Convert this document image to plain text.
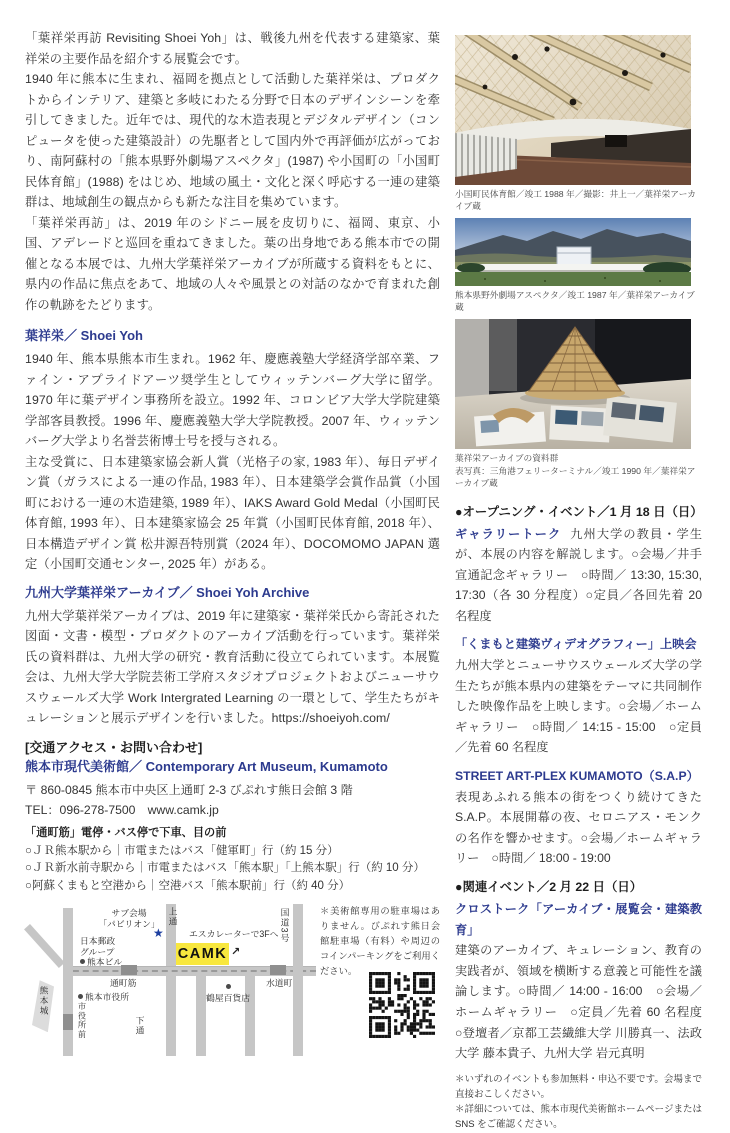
「葉祥栄再訪 Revisiting Shoei Yoh」は、戦後九州を代表する建築家、葉祥栄の主要作品を紹介する展覧会です。

1940 年に熊本に生まれ、福岡を拠点として活動した葉祥栄は、プロダクトからインテリア、建築と多岐にわたる分野で日本のデザインシーンを牽引してきました。近年では、現代的な木造表現とデジタルデザイン（コンピュータを使った建築設計）の先駆者として国内外で再評価が広がっており、南阿蘇村の「熊本県野外劇場アスペクタ」(1987) や小国町の「小国町民体育館」(1988) をはじめ、地域の風土・文化と深く呼応する一連の建築群は、地域創生の観点からも新たな注目を集めています。

「葉祥栄再訪」は、2019 年のシドニー展を皮切りに、福岡、東京、小国、アデレードと巡回を重ねてきました。葉の出身地である熊本市での開催となる本展では、九州大学葉祥栄アーカイブが所蔵する資料をもとに、県内の作品に焦点をあて、地域の人々や風景との対話のなかで育まれた創作の軌跡をたどります。

葉祥栄／ Shoei Yoh

1940 年、熊本県熊本市生まれ。1962 年、慶應義塾大学経済学部卒業、ファイン・アプライドアーツ奨学生としてウィッテンバーグ大学に留学。1970 年に葉デザイン事務所を設立。1992 年、コロンビア大学大学院建築学部客員教授。1996 年、慶應義塾大学大学院教授。2007 年、ウィッテンバーグ大学より名誉芸術博士号を授与される。

主な受賞に、日本建築家協会新人賞（光格子の家, 1983 年）、毎日デザイン賞（ガラスによる一連の作品, 1983 年）、日本建築学会賞作品賞（小国町における一連の木造建築, 1989 年）、IAKS Award Gold Medal（小国町民体育館, 1993 年）、日本建築家協会 25 年賞（小国町民体育館, 2018 年）、日本構造デザイン賞 松井源吾特別賞（2024 年）、DOCOMOMO JAPAN 選定（小国町交通センター, 2025 年）がある。

九州大学葉祥栄アーカイブ／ Shoei Yoh Archive

九州大学葉祥栄アーカイブは、2019 年に建築家・葉祥栄氏から寄託された図面・文書・模型・プロダクトのアーカイブ活動を行っています。葉祥栄氏の資料群は、九州大学の研究・教育活動に役立てられています。本展覧会は、九州大学大学院芸術工学府スタジオプロジェクトおよびニューサウスウェールズ大学 Work Intergrated Learning の一環として、学生たちがキュレーションと展示デザインを行いました。https://shoeiyoh.com/

[交通アクセス・お問い合わせ]
熊本市現代美術館／ Contemporary Art Museum, Kumamoto

〒 860-0845 熊本市中央区上通町 2-3 びぷれす熊日会館 3 階

TEL：096-278-7500　www.camk.jp

「通町筋」電停・バス停で下車、目の前

○ＪＲ熊本駅から｜市電またはバス「健軍町」行（約 15 分）

○ＪＲ新水前寺駅から｜市電またはバス「熊本駅」「上熊本駅」行（約 10 分）

○阿蘇くまもと空港から｜空港バス「熊本駅前」行（約 40 分）

熊本城
サブ会場
「パビリオン」
★
日本郵政
グループ
熊本ビル
上通
エスカレーターで3Fへ
↗
CAMK
国道3号
通町筋	水道町

鶴屋百貨店
熊本市役所
市役所前	下通
＊美術館専用の駐車場はありません。びぷれす熊日会館駐車場（有料）や周辺のコインパーキングをご利用ください。

小国町民体育館／竣工 1988 年／撮影：井上一／葉祥栄アーカイブ蔵

熊本県野外劇場アスペクタ／竣工 1987 年／葉祥栄アーカイブ蔵

葉祥栄アーカイブの資料群

表写真：三角港フェリーターミナル／竣工 1990 年／葉祥栄アーカイブ蔵

●オープニング・イベント／1 月 18 日（日）

ギャラリートーク 九州大学の教員・学生が、本展の内容を解説します。○会場／井手宣通記念ギャラリー　○時間／ 13:30, 15:30, 17:30（各 30 分程度）○定員／各回先着 20 名程度

「くまもと建築ヴィデオグラフィー」上映会
九州大学とニューサウスウェールズ大学の学生たちが熊本県内の建築をテーマに共同制作した映像作品を上映します。○会場／ホームギャラリー　○時間／ 14:15 - 15:00　○定員／先着 60 名程度

STREET ART-PLEX KUMAMOTO（S.A.P）
表現あふれる熊本の街をつくり続けてきた S.A.P。本展開幕の夜、セロニアス・モンクの名作を響かせます。○会場／ホームギャラリー　○時間／ 18:00 - 19:00

●関連イベント／2 月 22 日（日）

クロストーク「アーカイブ・展覧会・建築教育」
建築のアーカイブ、キュレーション、教育の実践者が、領域を横断する意義と可能性を議論します。○時間／ 14:00 - 16:00　○会場／ホームギャラリー　○定員／先着 60 名程度　○登壇者／京都工芸繊維大学 川勝真一、法政大学 藤本貴子、九州大学 岩元真明

＊いずれのイベントも参加無料・申込不要です。会場まで直接おこしください。

＊詳細については、熊本市現代美術館ホームページまたは SNS をご確認ください。
